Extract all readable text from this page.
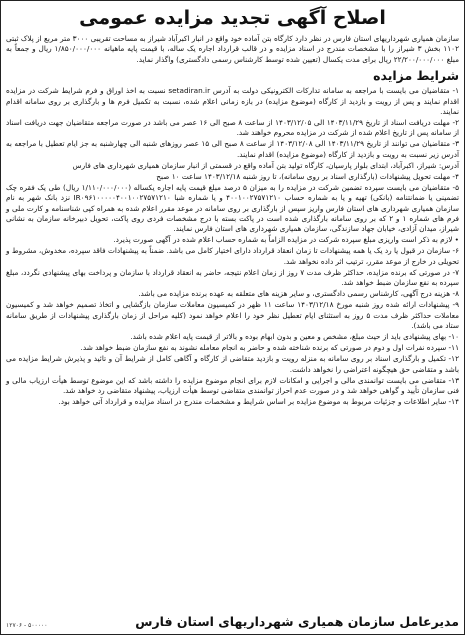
اصلاح آگهی تجدید مزایده عمومی

سازمان همیاری شهرداریهای استان فارس در نظر دارد کارگاه بتن آماده خود واقع در انبار اکبرآباد شیراز به مساحت تقریبی ۳۰۰۰ متر مربع از پلاک ثبتی ۱۱۰۲ بخش ۳ شیراز را با مشخصات مندرج در اسناد مزایده و در قالب قرارداد اجاره یک ساله، با قیمت پایه ماهیانه ۱/۸۵۰/۰۰۰/۰۰۰ ریال و جمعاً به مبلغ ۲۲/۲۰۰/۰۰۰/۰۰۰ ریال برای مدت یکسال (تعیین شده توسط کارشناس رسمی دادگستری) واگذار نماید.

شرایط مزایده

۱- متقاضیان می بایست با مراجعه به سامانه تدارکات الکترونیکی دولت به آدرس setadiran.ir نسبت به اخذ اوراق و فرم شرایط شرکت در مزایده اقدام نمایند و پس از رویت و بازدید از کارگاه (موضوع مزایده) در بازه زمانی اعلام شده، نسبت به تکمیل فرم ها و بارگذاری بر روی سامانه اقدام نمایند.

۲- مهلت دریافت اسناد از تاریخ ۱۴۰۳/۱۱/۲۹ الی ۱۴۰۳/۱۲/۰۵ از ساعت ۸ صبح الی ۱۶ عصر می باشد در صورت مراجعه متقاضیان جهت دریافت اسناد از سامانه پس از تاریخ اعلام شده از شرکت در مزایده محروم خواهند شد.

۳- متقاضیان می توانند از تاریخ ۱۴۰۳/۱۱/۲۹ الی ۱۴۰۳/۱۲/۰۸ از ساعت ۸ صبح الی ۱۵ عصر روزهای شنبه الی چهارشنبه به جز ایام تعطیل با مراجعه به آدرس زیر نسبت به رویت و بازدید از کارگاه (موضوع مزایده) اقدام نمایند.

آدرس: شیراز، اکبرآباد، ابتدای بلوار پارسیان، کارگاه تولید بتن آماده واقع در قسمتی از انبار سازمان همیاری شهرداری های فارس

۴- مهلت تحویل پیشنهادات (بارگذاری اسناد بر روی سامانه)، تا روز شنبه ۱۴۰۳/۱۲/۱۸ ساعت ۱۰ صبح

۵- متقاضیان می بایست سپرده تضمین شرکت در مزایده را به میزان ۵ درصد مبلغ قیمت پایه اجاره یکساله (۱/۱۱۰/۰۰۰/۰۰۰ ریال) طی یک فقره چک تضمینی یا ضمانتنامه (بانکی) تهیه و یا به شماره حساب ۴۰۰۱۰۰۲۷۵۷۱۲۱۰ و یا شماره شبا IR۰۹۶۱۰۰۰۰۰۴۰۰۱۰۰۲۷۵۷۱۲۱۰ نزد بانک شهر به نام سازمان همیاری شهرداری های استان فارس واریز سپس از بارگذاری بر روی سامانه در موعد مقرر اعلام شده به همراه کپی شناسنامه و کارت ملی و فرم های شماره ۱ و ۲ که بر روی سامانه بارگذاری شده است در پاکت بسته با درج مشخصات فردی روی پاکت، تحویل دبیرخانه سازمان به نشانی شیراز، میدان آزادی، خیابان جهاد سازندگی، سازمان همیاری شهرداری های استان فارس نمایند.

• لازم به ذکر است واریزی مبلغ سپرده شرکت در مزایده الزاماً به شماره حساب اعلام شده در آگهی صورت پذیرد.

۶- سازمان در قبول یا رد یک یا همه پیشنهادات تا زمان انعقاد قرارداد دارای اختیار کامل می باشد. ضمناً به پیشنهادات فاقد سپرده، مخدوش، مشروط و تحویلی در خارج از موعد مقرر، ترتیب اثر داده نخواهد شد.

۷- در صورتی که برنده مزایده، حداکثر ظرف مدت ۷ روز از زمان اعلام نتیجه، حاضر به انعقاد قرارداد با سازمان و پرداخت بهای پیشنهادی نگردد، مبلغ سپرده به نفع سازمان ضبط خواهد شد.

۸- هزینه درج آگهی، کارشناس رسمی دادگستری، و سایر هزینه های متعلقه به عهده برنده مزایده می باشد.

۹- پیشنهادات ارائه شده روز شنبه مورخ ۱۴۰۳/۱۲/۱۸ ساعت ۱۱ ظهر در کمیسیون معاملات سازمان بازگشایی و اتخاذ تصمیم خواهد شد و کمیسیون معاملات حداکثر ظرف مدت ۵ روز به استثنای ایام تعطیل نظر خود را اعلام خواهد نمود (کلیه مراحل از زمان بارگذاری پیشنهادات از طریق سامانه ستاد می باشد).

۱۰- بهای پیشنهادی باید از حیث مبلغ، مشخص و معین و بدون ابهام بوده و بالاتر از قیمت پایه اعلام شده باشد.

۱۱- سپرده نفرات اول و دوم در صورتی که برنده شناخته شده و حاضر به انجام معامله نشوند به نفع سازمان ضبط خواهد شد.

۱۲- تکمیل و بارگذاری اسناد بر روی سامانه به منزله رویت و بازدید متقاضی از کارگاه و آگاهی کامل از شرایط آن و تائید و پذیرش شرایط مزایده می باشد و متقاضی حق هیچگونه اعتراضی را نخواهد داشت.

۱۳- متقاضی می بایست توانمندی مالی و اجرایی و امکانات لازم برای انجام موضوع مزایده را داشته باشد که این موضوع توسط هیأت ارزیاب مالی و فنی سازمان تأیید و گواهی خواهد شد و در صورت عدم احراز توانمندی متقاضی توسط هیأت ارزیاب، پیشنهاد متقاضی رد خواهد شد.

۱۴- سایر اطلاعات و جزئیات مربوط به موضوع مزایده بر اساس شرایط و مشخصات مندرج در اسناد مزایده و قرارداد آتی خواهد بود.

مدیرعامل سازمان همیاری شهرداریهای استان فارس
۱۲۷۰۶ - ۵۰۰۰۰۰
